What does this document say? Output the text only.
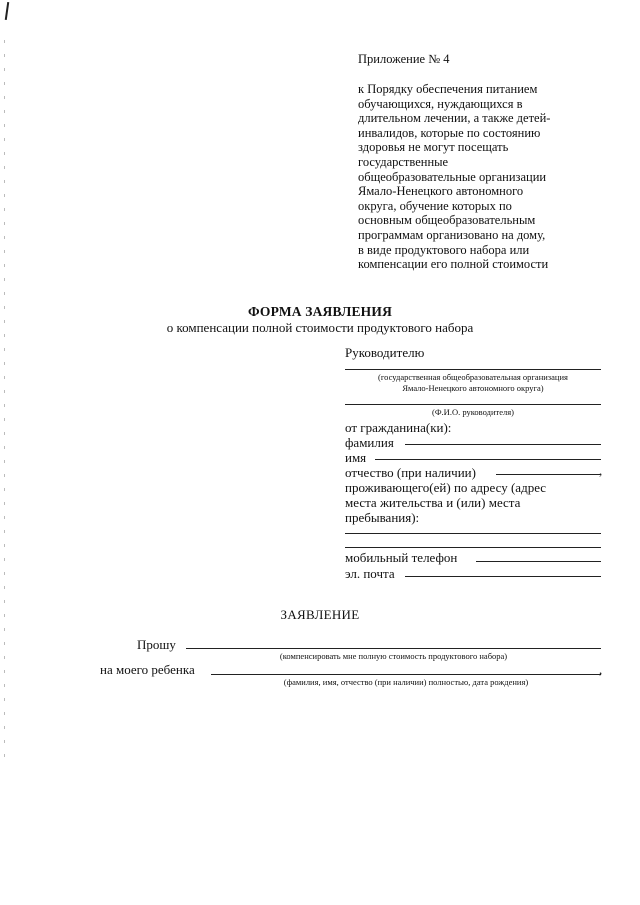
Приложение № 4
к Порядку обеспечения питанием
обучающихся, нуждающихся в
длительном лечении, а также детей-
инвалидов, которые по состоянию
здоровья не могут посещать
государственные
общеобразовательные организации
Ямало-Ненецкого автономного
округа, обучение которых по
основным общеобразовательным
программам организовано на дому,
в виде продуктового набора или
компенсации его полной стоимости
ФОРМА ЗАЯВЛЕНИЯ
о компенсации полной стоимости продуктового набора
Руководителю
(государственная общеобразовательная организация
Ямало-Ненецкого автономного округа)
(Ф.И.О. руководителя)
от гражданина(ки):
фамилия
имя
отчество (при наличии)	,
проживающего(ей) по адресу (адрес
места жительства и (или) места
пребывания):
мобильный телефон
эл. почта
ЗАЯВЛЕНИЕ
Прошу
(компенсировать мне полную стоимость продуктового набора)
на моего ребенка	,
(фамилия, имя, отчество (при наличии) полностью, дата рождения)
